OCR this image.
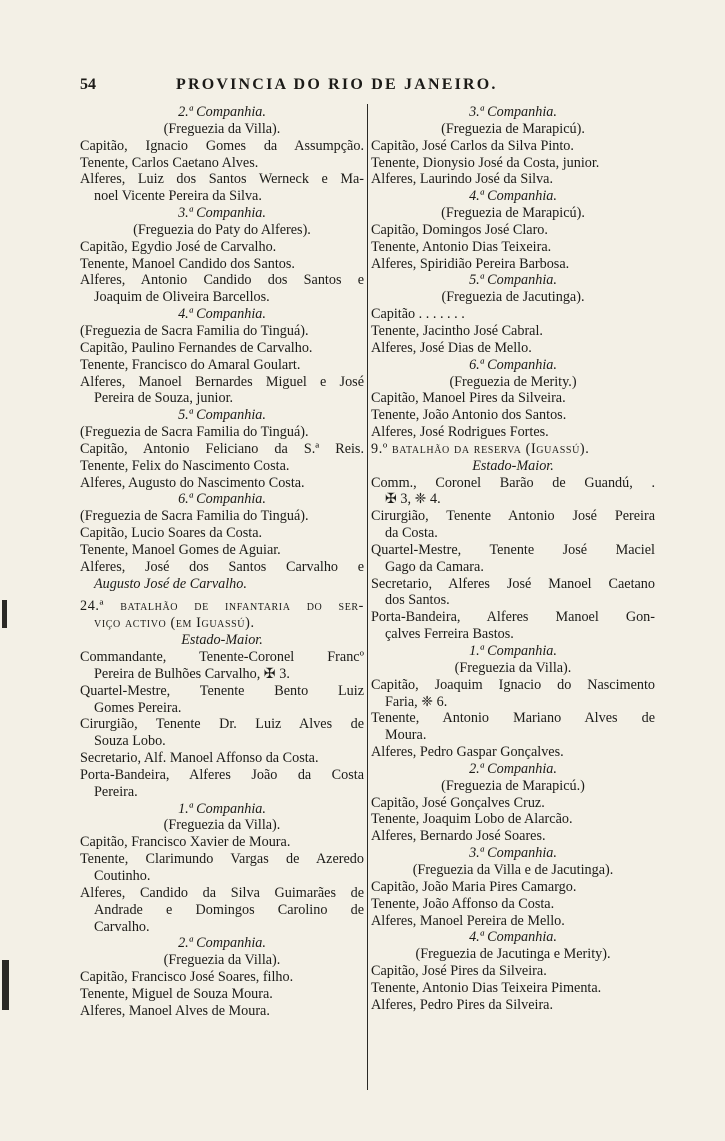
54	PROVINCIA DO RIO DE JANEIRO.
2.ª Companhia.
(Freguezia da Villa).
Capitão, Ignacio Gomes da Assumpção.
Tenente, Carlos Caetano Alves.
Alferes, Luiz dos Santos Werneck e Ma-
noel Vicente Pereira da Silva.
3.ª Companhia.
(Freguezia do Paty do Alferes).
Capitão, Egydio José de Carvalho.
Tenente, Manoel Candido dos Santos.
Alferes, Antonio Candido dos Santos e
Joaquim de Oliveira Barcellos.
4.ª Companhia.
(Freguezia de Sacra Familia do Tinguá).
Capitão, Paulino Fernandes de Carvalho.
Tenente, Francisco do Amaral Goulart.
Alferes, Manoel Bernardes Miguel e José
Pereira de Souza, junior.
5.ª Companhia.
(Freguezia de Sacra Familia do Tinguá).
Capitão, Antonio Feliciano da S.ª Reis.
Tenente, Felix do Nascimento Costa.
Alferes, Augusto do Nascimento Costa.
6.ª Companhia.
(Freguezia de Sacra Familia do Tinguá).
Capitão, Lucio Soares da Costa.
Tenente, Manoel Gomes de Aguiar.
Alferes, José dos Santos Carvalho e
Augusto José de Carvalho.
24.ª batalhão de infantaria do ser-
viço activo (em Iguassú).
Estado-Maior.
Commandante, Tenente-Coronel Francº
Pereira de Bulhões Carvalho, ✠ 3.
Quartel-Mestre, Tenente Bento Luiz
Gomes Pereira.
Cirurgião, Tenente Dr. Luiz Alves de
Souza Lobo.
Secretario, Alf. Manoel Affonso da Costa.
Porta-Bandeira, Alferes João da Costa
Pereira.
1.ª Companhia.
(Freguezia da Villa).
Capitão, Francisco Xavier de Moura.
Tenente, Clarimundo Vargas de Azeredo
Coutinho.
Alferes, Candido da Silva Guimarães de
Andrade e Domingos Carolino de
Carvalho.
2.ª Companhia.
(Freguezia da Villa).
Capitão, Francisco José Soares, filho.
Tenente, Miguel de Souza Moura.
Alferes, Manoel Alves de Moura.
3.ª Companhia.
(Freguezia de Marapicú).
Capitão, José Carlos da Silva Pinto.
Tenente, Dionysio José da Costa, junior.
Alferes, Laurindo José da Silva.
4.ª Companhia.
(Freguezia de Marapicú).
Capitão, Domingos José Claro.
Tenente, Antonio Dias Teixeira.
Alferes, Spiridião Pereira Barbosa.
5.ª Companhia.
(Freguezia de Jacutinga).
Capitão . . . . . . .
Tenente, Jacintho José Cabral.
Alferes, José Dias de Mello.
6.ª Companhia.
(Freguezia de Merity.)
Capitão, Manoel Pires da Silveira.
Tenente, João Antonio dos Santos.
Alferes, José Rodrigues Fortes.
9.º batalhão da reserva (Iguassú).
Estado-Maior.
Comm., Coronel Barão de Guandú, .
✠ 3, ❈ 4.
Cirurgião, Tenente Antonio José Pereira
da Costa.
Quartel-Mestre, Tenente José Maciel
Gago da Camara.
Secretario, Alferes José Manoel Caetano
dos Santos.
Porta-Bandeira, Alferes Manoel Gon-
çalves Ferreira Bastos.
1.ª Companhia.
(Freguezia da Villa).
Capitão, Joaquim Ignacio do Nascimento
Faria, ❈ 6.
Tenente, Antonio Mariano Alves de
Moura.
Alferes, Pedro Gaspar Gonçalves.
2.ª Companhia.
(Freguezia de Marapicú.)
Capitão, José Gonçalves Cruz.
Tenente, Joaquim Lobo de Alarcão.
Alferes, Bernardo José Soares.
3.ª Companhia.
(Freguezia da Villa e de Jacutinga).
Capitão, João Maria Pires Camargo.
Tenente, João Affonso da Costa.
Alferes, Manoel Pereira de Mello.
4.ª Companhia.
(Freguezia de Jacutinga e Merity).
Capitão, José Pires da Silveira.
Tenente, Antonio Dias Teixeira Pimenta.
Alferes, Pedro Pires da Silveira.
